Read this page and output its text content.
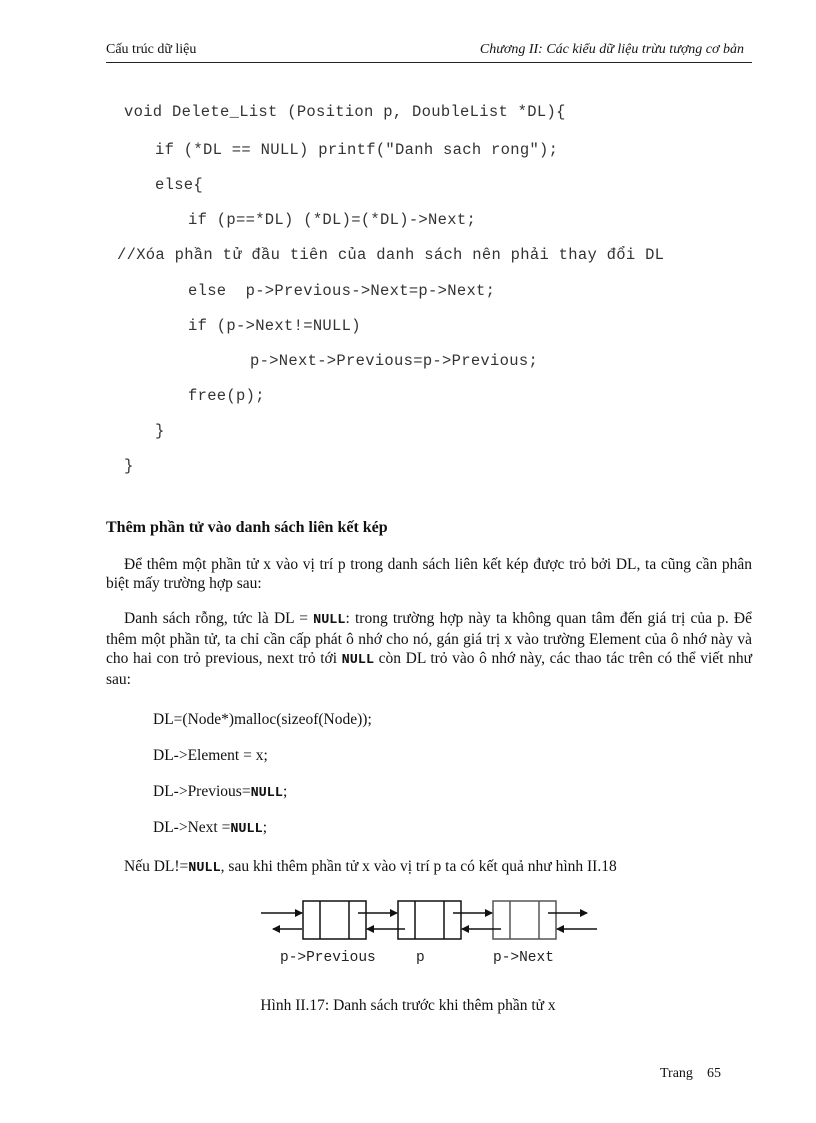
Cấu trúc dữ liệu	Chương II: Các kiểu dữ liệu trừu tượng cơ bản
void Delete_List (Position p, DoubleList *DL){
if (*DL == NULL) printf("Danh sach rong");
else{
if (p==*DL) (*DL)=(*DL)->Next;
//Xóa phần tử đầu tiên của danh sách nên phải thay đổi DL
else  p->Previous->Next=p->Next;
if (p->Next!=NULL)
p->Next->Previous=p->Previous;
free(p);
}
}
Thêm phần tử vào danh sách liên kết kép
Để thêm một phần tử x vào vị trí p trong danh sách liên kết kép được trỏ bởi DL, ta cũng cần phân biệt mấy trường hợp sau:
Danh sách rỗng, tức là DL = NULL: trong trường hợp này ta không quan tâm đến giá trị của p. Để thêm một phần tử, ta chỉ cần cấp phát ô nhớ cho nó, gán giá trị x vào trường Element của ô nhớ này và cho hai con trỏ previous, next trỏ tới NULL còn DL trỏ vào ô nhớ này, các thao tác trên có thể viết như sau:
DL=(Node*)malloc(sizeof(Node));
DL->Element = x;
DL->Previous=NULL;
DL->Next =NULL;
Nếu DL!=NULL, sau khi thêm phần tử x vào vị trí p ta có kết quả như hình II.18
p->Previous	p	p->Next
Hình II.17: Danh sách trước khi thêm phần tử x
Trang 65
